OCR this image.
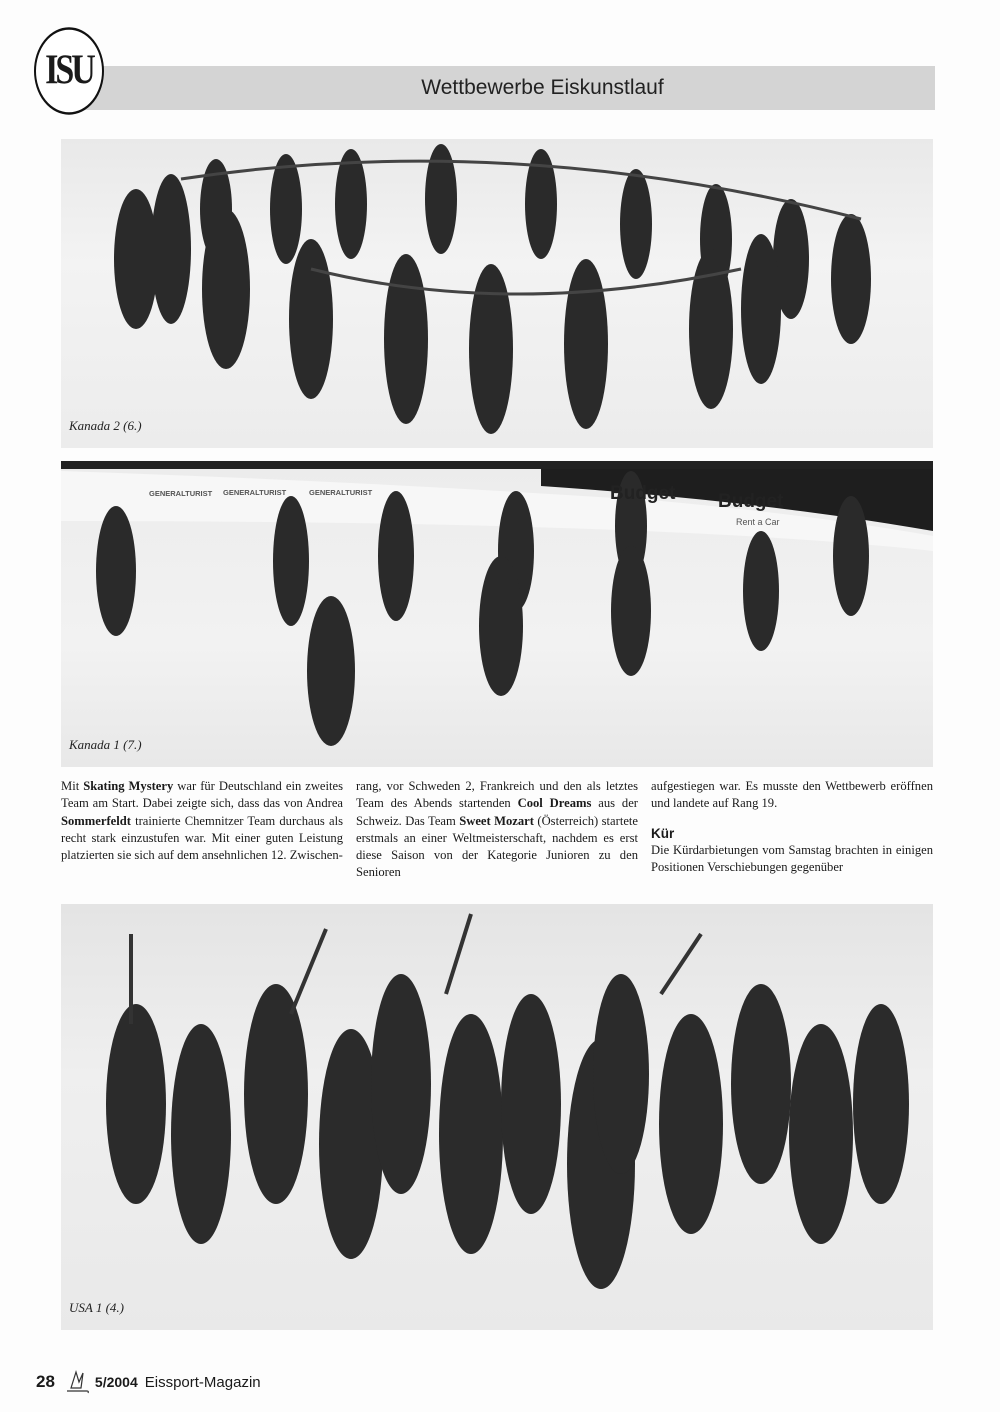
ISU	Wettbewerbe Eiskunstlauf
Kanada 2 (6.)
GENERALTURIST GENERALTURIST	GENERALTURIST	Budget Budget
Rent a Car
Kanada 1 (7.)
Mit Skating Mystery war für Deutschland ein zweites Team am Start. Dabei zeigte sich, dass das von Andrea Sommerfeldt trainierte Chemnitzer Team durchaus als recht stark einzustufen war. Mit einer guten Leistung platzierten sie sich auf dem ansehnlichen 12. Zwischen-
rang, vor Schweden 2, Frankreich und den als letztes Team des Abends startenden Cool Dreams aus der Schweiz. Das Team Sweet Mozart (Österreich) startete erstmals an einer Weltmeisterschaft, nachdem es erst diese Saison von der Kategorie Junioren zu den Senioren
aufgestiegen war. Es musste den Wettbewerb eröffnen und landete auf Rang 19.
Kür
Die Kürdarbietungen vom Samstag brachten in einigen Positionen Verschiebungen gegenüber
USA 1 (4.)
28	5/2004 Eissport-Magazin
